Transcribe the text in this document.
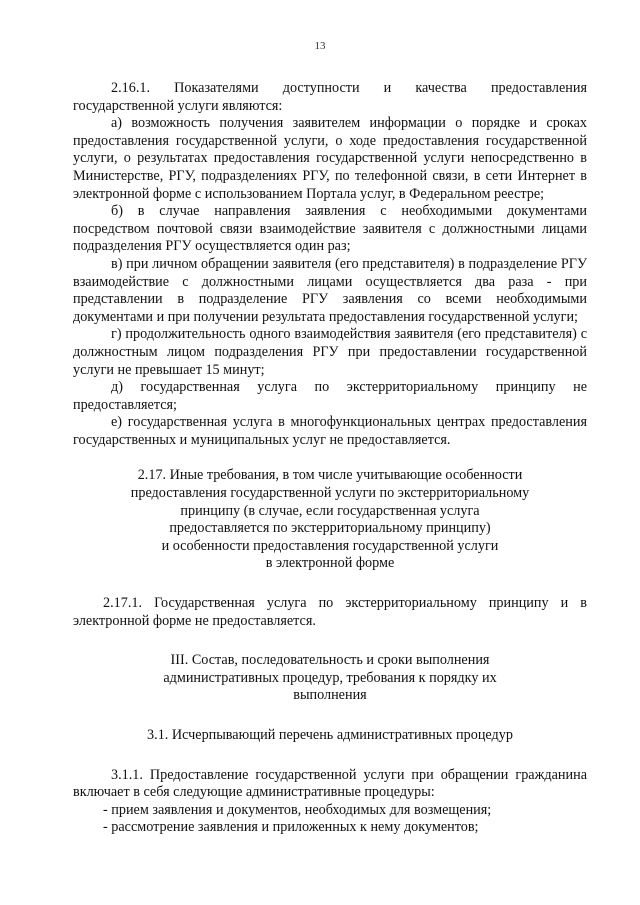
13

2.16.1. Показателями доступности и качества предоставления государственной услуги являются:

а) возможность получения заявителем информации о порядке и сроках предоставления государственной услуги, о ходе предоставления государственной услуги, о результатах предоставления государственной услуги непосредственно в Министерстве, РГУ, подразделениях РГУ, по телефонной связи, в сети Интернет в электронной форме с использованием Портала услуг, в Федеральном реестре;

б) в случае направления заявления с необходимыми документами посредством почтовой связи взаимодействие заявителя с должностными лицами подразделения РГУ осуществляется один раз;

в) при личном обращении заявителя (его представителя) в подразделение РГУ взаимодействие с должностными лицами осуществляется два раза - при представлении в подразделение РГУ заявления со всеми необходимыми документами и при получении результата предоставления государственной услуги;

г) продолжительность одного взаимодействия заявителя (его представителя) с должностным лицом подразделения РГУ при предоставлении государственной услуги не превышает 15 минут;

д) государственная услуга по экстерриториальному принципу не предоставляется;

е) государственная услуга в многофункциональных центрах предоставления государственных и муниципальных услуг не предоставляется.

2.17. Иные требования, в том числе учитывающие особенности

предоставления государственной услуги по экстерриториальному

принципу (в случае, если государственная услуга

предоставляется по экстерриториальному принципу)

и особенности предоставления государственной услуги

в электронной форме

2.17.1. Государственная услуга по экстерриториальному принципу и в электронной форме не предоставляется.

III. Состав, последовательность и сроки выполнения

административных процедур, требования к порядку их

выполнения

3.1. Исчерпывающий перечень административных процедур

3.1.1. Предоставление государственной услуги при обращении гражданина включает в себя следующие административные процедуры:

- прием заявления и документов, необходимых для возмещения;

- рассмотрение заявления и приложенных к нему документов;
